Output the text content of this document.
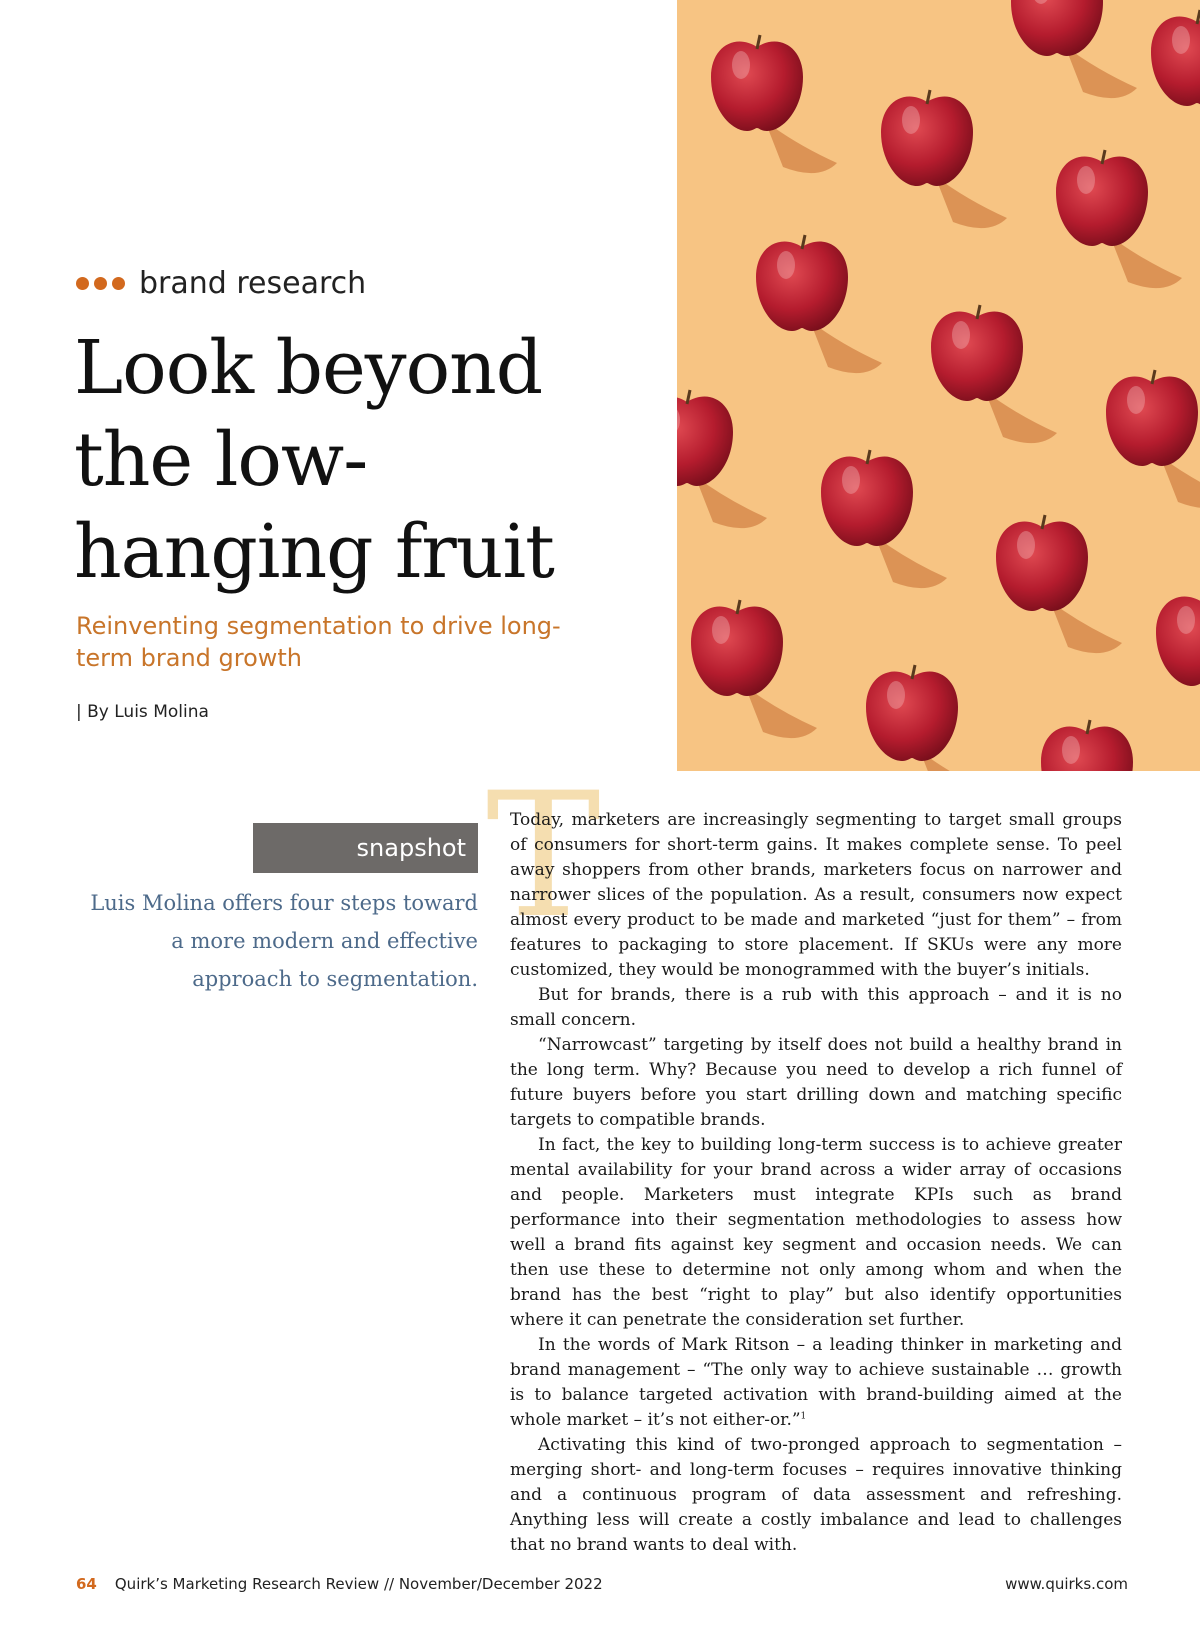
brand research
Look beyond the low-hanging fruit
Reinventing segmentation to drive long-term brand growth
| By Luis Molina
snapshot

Luis Molina offers four steps toward a more modern and effective approach to segmentation.

T

Today, marketers are increasingly segmenting to target small groups of consumers for short-term gains. It makes complete sense. To peel away shoppers from other brands, marketers focus on narrower and narrower slices of the population. As a result, consumers now expect almost every product to be made and marketed “just for them” – from features to packaging to store placement. If SKUs were any more customized, they would be monogrammed with the buyer’s initials.

But for brands, there is a rub with this approach – and it is no small concern.

“Narrowcast” targeting by itself does not build a healthy brand in the long term. Why? Because you need to develop a rich funnel of future buyers before you start drilling down and matching specific targets to compatible brands.

In fact, the key to building long-term success is to achieve greater mental availability for your brand across a wider array of occasions and people. Marketers must integrate KPIs such as brand performance into their segmentation methodologies to assess how well a brand fits against key segment and occasion needs. We can then use these to determine not only among whom and when the brand has the best “right to play” but also identify opportunities where it can penetrate the consideration set further.

In the words of Mark Ritson – a leading thinker in marketing and brand management – “The only way to achieve sustainable … growth is to balance targeted activation with brand-building aimed at the whole market – it’s not either-or.”$^1$

Activating this kind of two-pronged approach to segmentation – merging short- and long-term focuses – requires innovative thinking and a continuous program of data assessment and refreshing. Anything less will create a costly imbalance and lead to challenges that no brand wants to deal with.

64 Quirk’s Marketing Research Review // November/December 2022	www.quirks.com
